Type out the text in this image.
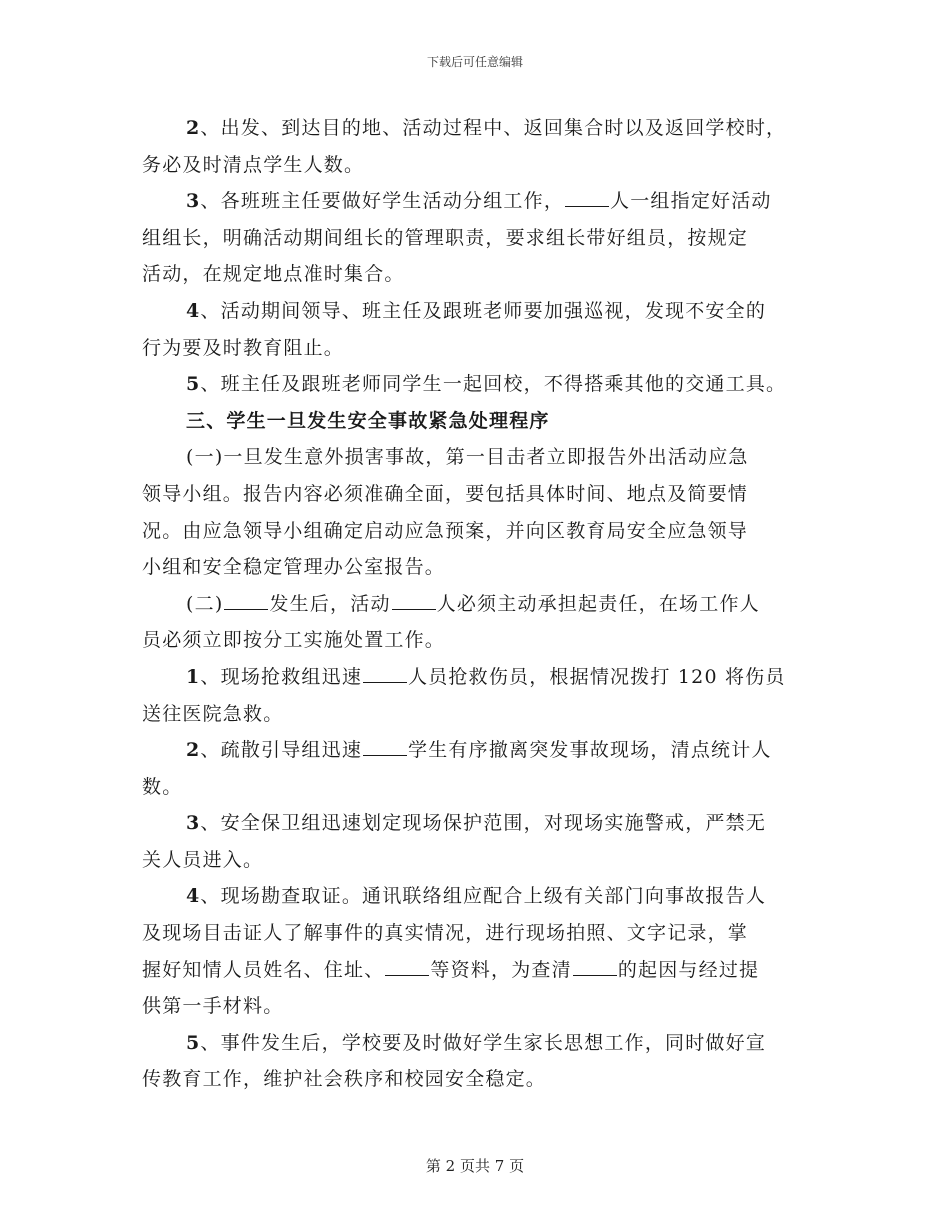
下载后可任意编辑

2、出发、到达目的地、活动过程中、返回集合时以及返回学校时，

务必及时清点学生人数。

3、各班班主任要做好学生活动分组工作， 人一组指定好活动

组组长，明确活动期间组长的管理职责，要求组长带好组员，按规定

活动，在规定地点准时集合。

4、活动期间领导、班主任及跟班老师要加强巡视，发现不安全的

行为要及时教育阻止。

5、班主任及跟班老师同学生一起回校，不得搭乘其他的交通工具。

三、学生一旦发生安全事故紧急处理程序

(一)一旦发生意外损害事故，第一目击者立即报告外出活动应急

领导小组。报告内容必须准确全面，要包括具体时间、地点及简要情

况。由应急领导小组确定启动应急预案，并向区教育局安全应急领导

小组和安全稳定管理办公室报告。

(二) 发生后，活动 人必须主动承担起责任，在场工作人

员必须立即按分工实施处置工作。

1、现场抢救组迅速 人员抢救伤员，根据情况拨打 120 将伤员

送往医院急救。

2、疏散引导组迅速 学生有序撤离突发事故现场，清点统计人

数。

3、安全保卫组迅速划定现场保护范围，对现场实施警戒，严禁无

关人员进入。

4、现场勘查取证。通讯联络组应配合上级有关部门向事故报告人

及现场目击证人了解事件的真实情况，进行现场拍照、文字记录，掌

握好知情人员姓名、住址、 等资料，为查清 的起因与经过提

供第一手材料。

5、事件发生后，学校要及时做好学生家长思想工作，同时做好宣

传教育工作，维护社会秩序和校园安全稳定。

第 2 页共 7 页
